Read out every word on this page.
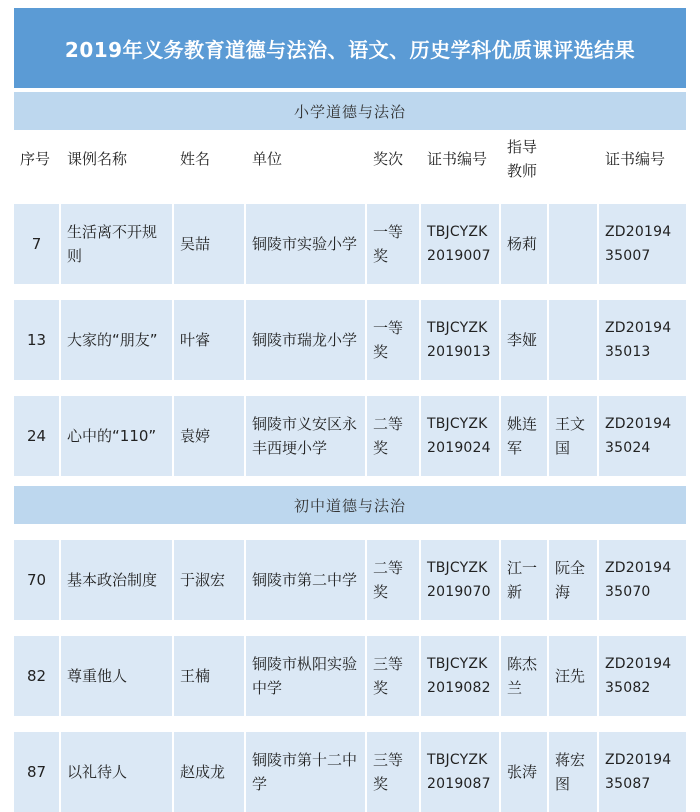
2019年义务教育道德与法治、语文、历史学科优质课评选结果
小学道德与法治
序号	课例名称	姓名	单位	奖次	证书编号	指导教师		证书编号

7	生活离不开规则	吴喆	铜陵市实验小学	一等奖	TBJCYZK2019007	杨莉		ZD2019435007

13	大家的“朋友”	叶睿	铜陵市瑞龙小学	一等奖	TBJCYZK2019013	李娅		ZD2019435013

24	心中的“110”	袁婷	铜陵市义安区永丰西埂小学	二等奖	TBJCYZK2019024	姚连军	王文国	ZD2019435024
初中道德与法治

70	基本政治制度	于淑宏	铜陵市第二中学	二等奖	TBJCYZK2019070	江一新	阮全海	ZD2019435070

82	尊重他人	王楠	铜陵市枞阳实验中学	三等奖	TBJCYZK2019082	陈杰兰	汪先	ZD2019435082

87	以礼待人	赵成龙	铜陵市第十二中学	三等奖	TBJCYZK2019087	张涛	蒋宏图	ZD2019435087
